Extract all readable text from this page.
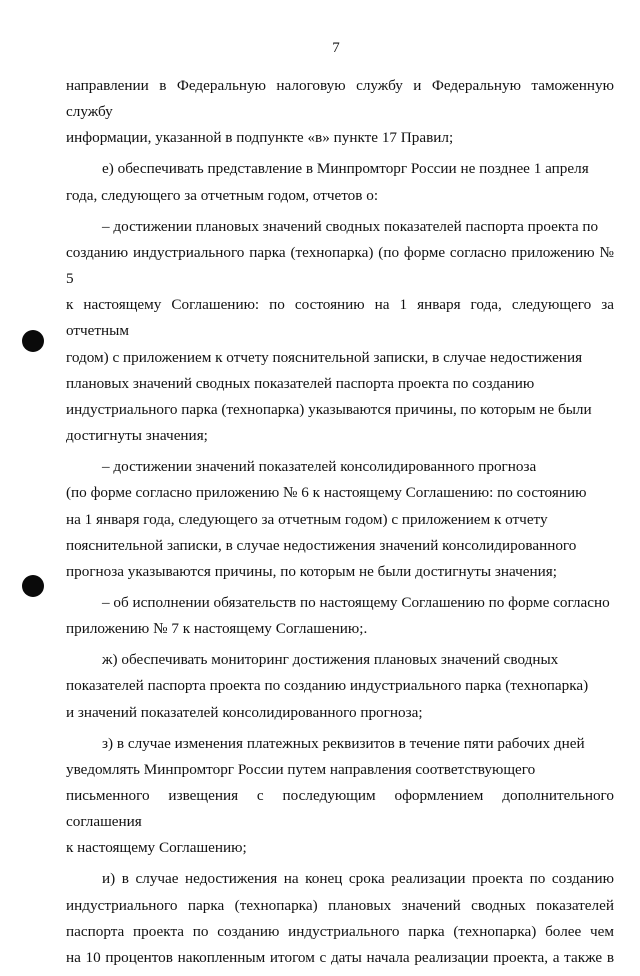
7

направлении в Федеральную налоговую службу и Федеральную таможенную службу
информации, указанной в подпункте «в» пункте 17 Правил;

е) обеспечивать представление в Минпромторг России не позднее 1 апреля
года, следующего за отчетным годом, отчетов о:

– достижении плановых значений сводных показателей паспорта проекта по
созданию индустриального парка (технопарка) (по форме согласно приложению № 5
к настоящему Соглашению: по состоянию на 1 января года, следующего за отчетным
годом) с приложением к отчету пояснительной записки, в случае недостижения
плановых значений сводных показателей паспорта проекта по созданию
индустриального парка (технопарка) указываются причины, по которым не были
достигнуты значения;

– достижении значений показателей консолидированного прогноза
(по форме согласно приложению № 6 к настоящему Соглашению: по состоянию
на 1 января года, следующего за отчетным годом) с приложением к отчету
пояснительной записки, в случае недостижения значений консолидированного
прогноза указываются причины, по которым не были достигнуты значения;

– об исполнении обязательств по настоящему Соглашению по форме согласно
приложению № 7 к настоящему Соглашению;.

ж) обеспечивать мониторинг достижения плановых значений сводных
показателей паспорта проекта по созданию индустриального парка (технопарка)
и значений показателей консолидированного прогноза;

з) в случае изменения платежных реквизитов в течение пяти рабочих дней
уведомлять Минпромторг России путем направления соответствующего
письменного извещения с последующим оформлением дополнительного соглашения
к настоящему Соглашению;

и) в случае недостижения на конец срока реализации проекта по созданию
индустриального парка (технопарка) плановых значений сводных показателей
паспорта проекта по созданию индустриального парка (технопарка) более чем
на 10 процентов накопленным итогом с даты начала реализации проекта, а также в
